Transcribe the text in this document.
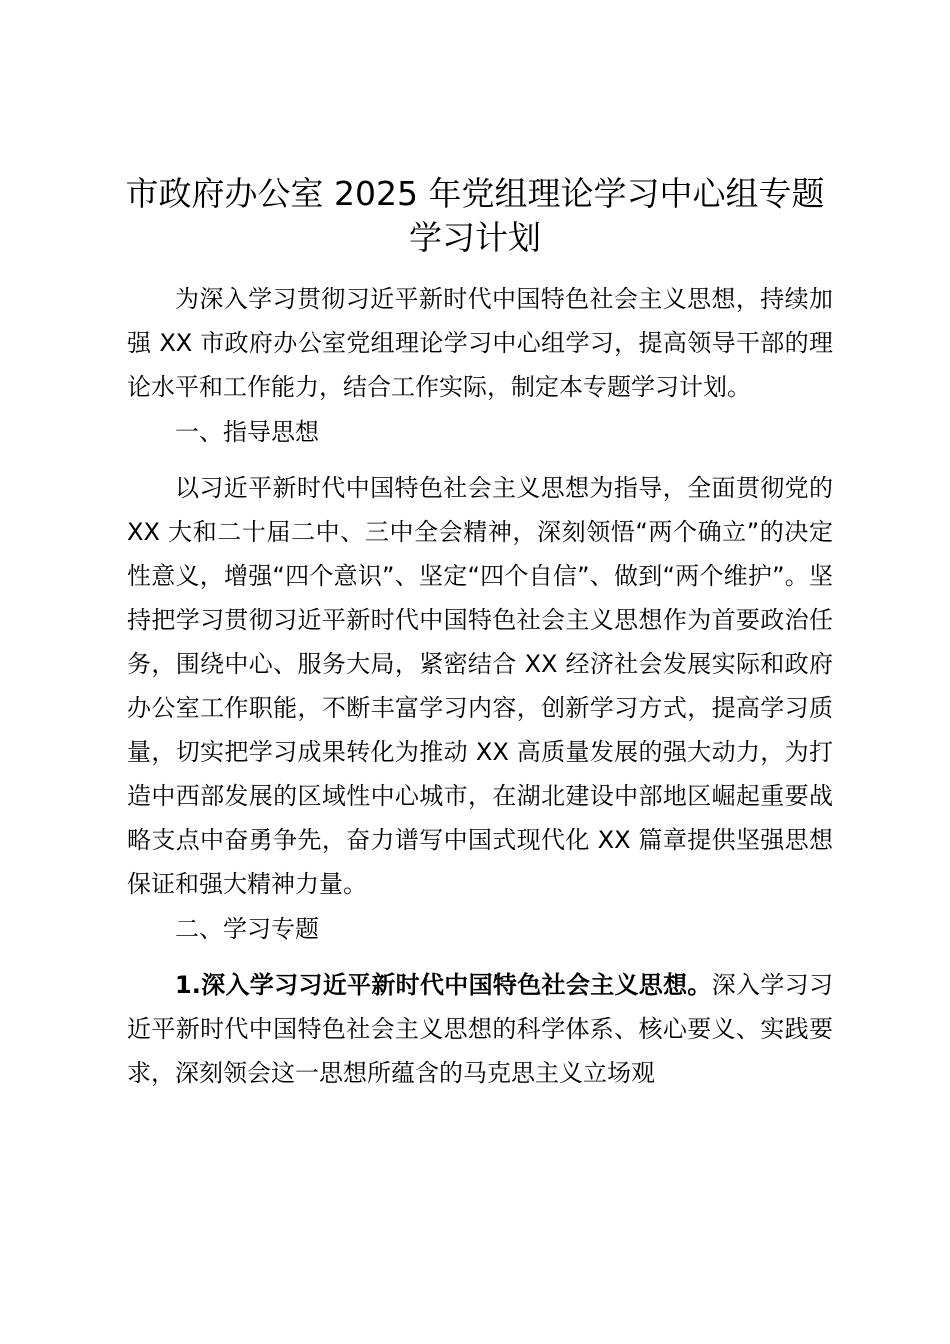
市政府办公室 2025 年党组理论学习中心组专题学习计划

为深入学习贯彻习近平新时代中国特色社会主义思想，持续加强 XX 市政府办公室党组理论学习中心组学习，提高领导干部的理论水平和工作能力，结合工作实际，制定本专题学习计划。

一、指导思想

以习近平新时代中国特色社会主义思想为指导，全面贯彻党的 XX 大和二十届二中、三中全会精神，深刻领悟“两个确立”的决定性意义，增强“四个意识”、坚定“四个自信”、做到“两个维护”。坚持把学习贯彻习近平新时代中国特色社会主义思想作为首要政治任务，围绕中心、服务大局，紧密结合 XX 经济社会发展实际和政府办公室工作职能，不断丰富学习内容，创新学习方式，提高学习质量，切实把学习成果转化为推动 XX 高质量发展的强大动力，为打造中西部发展的区域性中心城市，在湖北建设中部地区崛起重要战略支点中奋勇争先，奋力谱写中国式现代化 XX 篇章提供坚强思想保证和强大精神力量。

二、学习专题

1.深入学习习近平新时代中国特色社会主义思想。深入学习习近平新时代中国特色社会主义思想的科学体系、核心要义、实践要求，深刻领会这一思想所蕴含的马克思主义立场观
